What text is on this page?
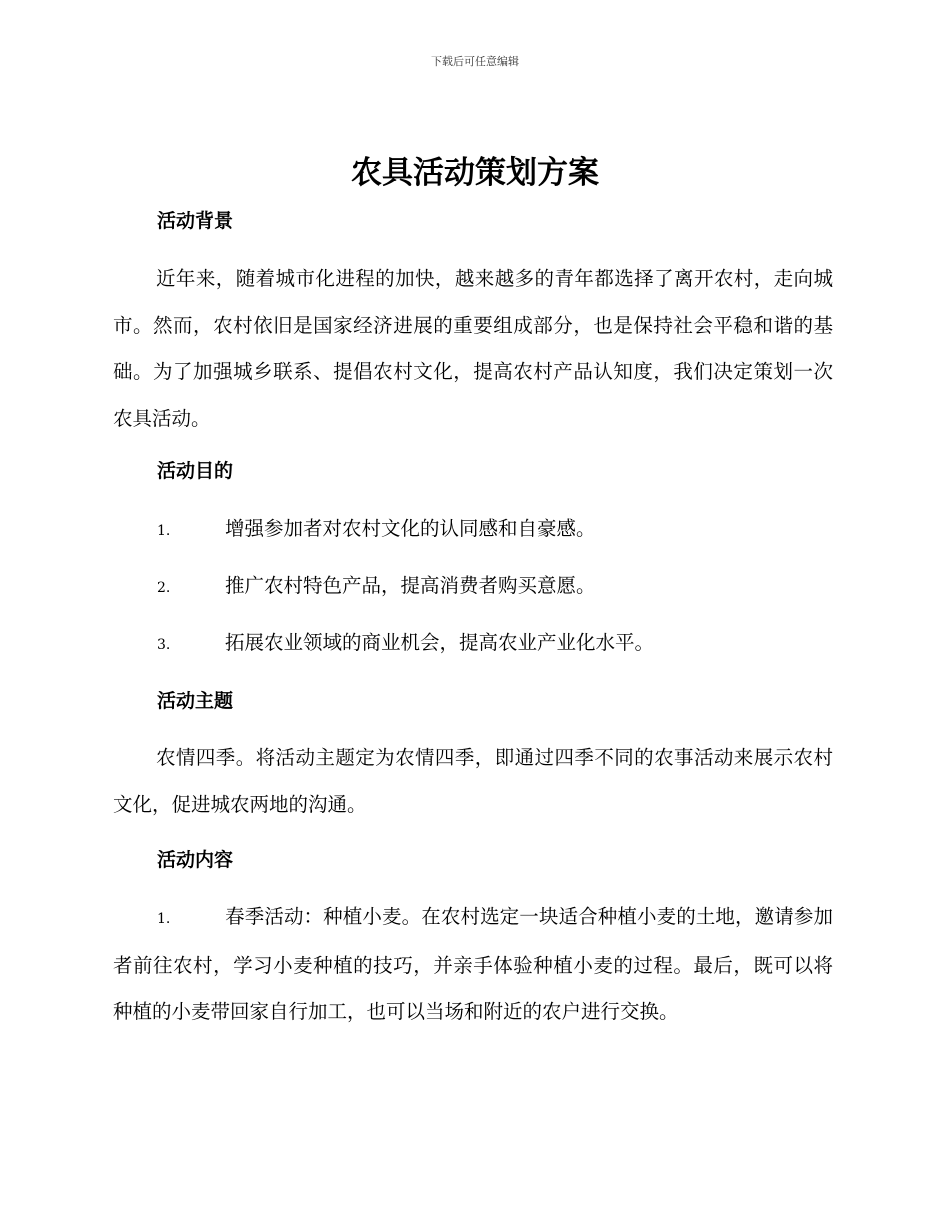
下载后可任意编辑
农具活动策划方案
活动背景

近年来，随着城市化进程的加快，越来越多的青年都选择了离开农村，走向城市。然而，农村依旧是国家经济进展的重要组成部分，也是保持社会平稳和谐的基础。为了加强城乡联系、提倡农村文化，提高农村产品认知度，我们决定策划一次农具活动。

活动目的
1.	增强参加者对农村文化的认同感和自豪感。
2.	推广农村特色产品，提高消费者购买意愿。
3.	拓展农业领域的商业机会，提高农业产业化水平。
活动主题

农情四季。将活动主题定为农情四季，即通过四季不同的农事活动来展示农村文化，促进城农两地的沟通。

活动内容

1.	春季活动：种植小麦。在农村选定一块适合种植小麦的土地，邀请参加者前往农村，学习小麦种植的技巧，并亲手体验种植小麦的过程。最后，既可以将种植的小麦带回家自行加工，也可以当场和附近的农户进行交换。
